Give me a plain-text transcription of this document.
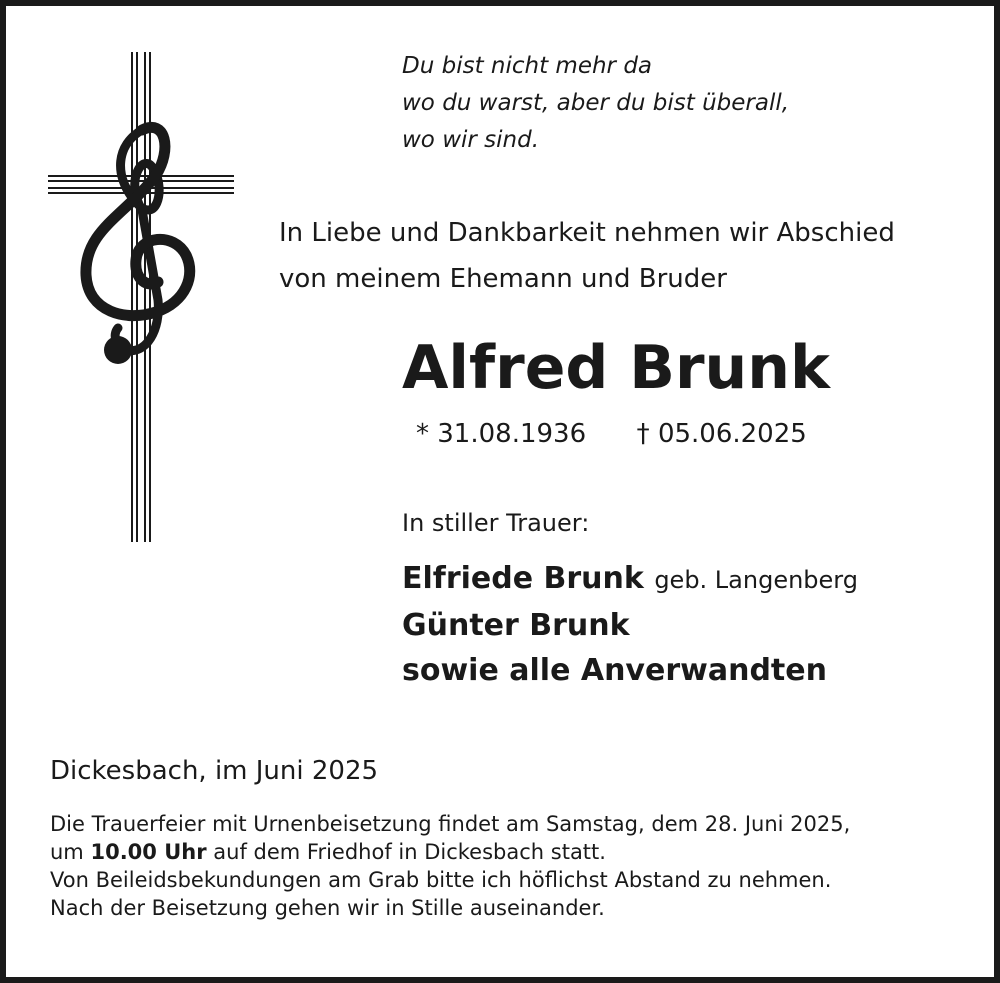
Du bist nicht mehr da
wo du warst, aber du bist überall,
wo wir sind.
In Liebe und Dankbarkeit nehmen wir Abschied
von meinem Ehemann und Bruder
Alfred Brunk
* 31.08.1936 † 05.06.2025
In stiller Trauer:
Elfriede Brunk geb. Langenberg
Günter Brunk
sowie alle Anverwandten
Dickesbach, im Juni 2025
Die Trauerfeier mit Urnenbeisetzung findet am Samstag, dem 28. Juni 2025,
um 10.00 Uhr auf dem Friedhof in Dickesbach statt.
Von Beileidsbekundungen am Grab bitte ich höflichst Abstand zu nehmen.
Nach der Beisetzung gehen wir in Stille auseinander.
